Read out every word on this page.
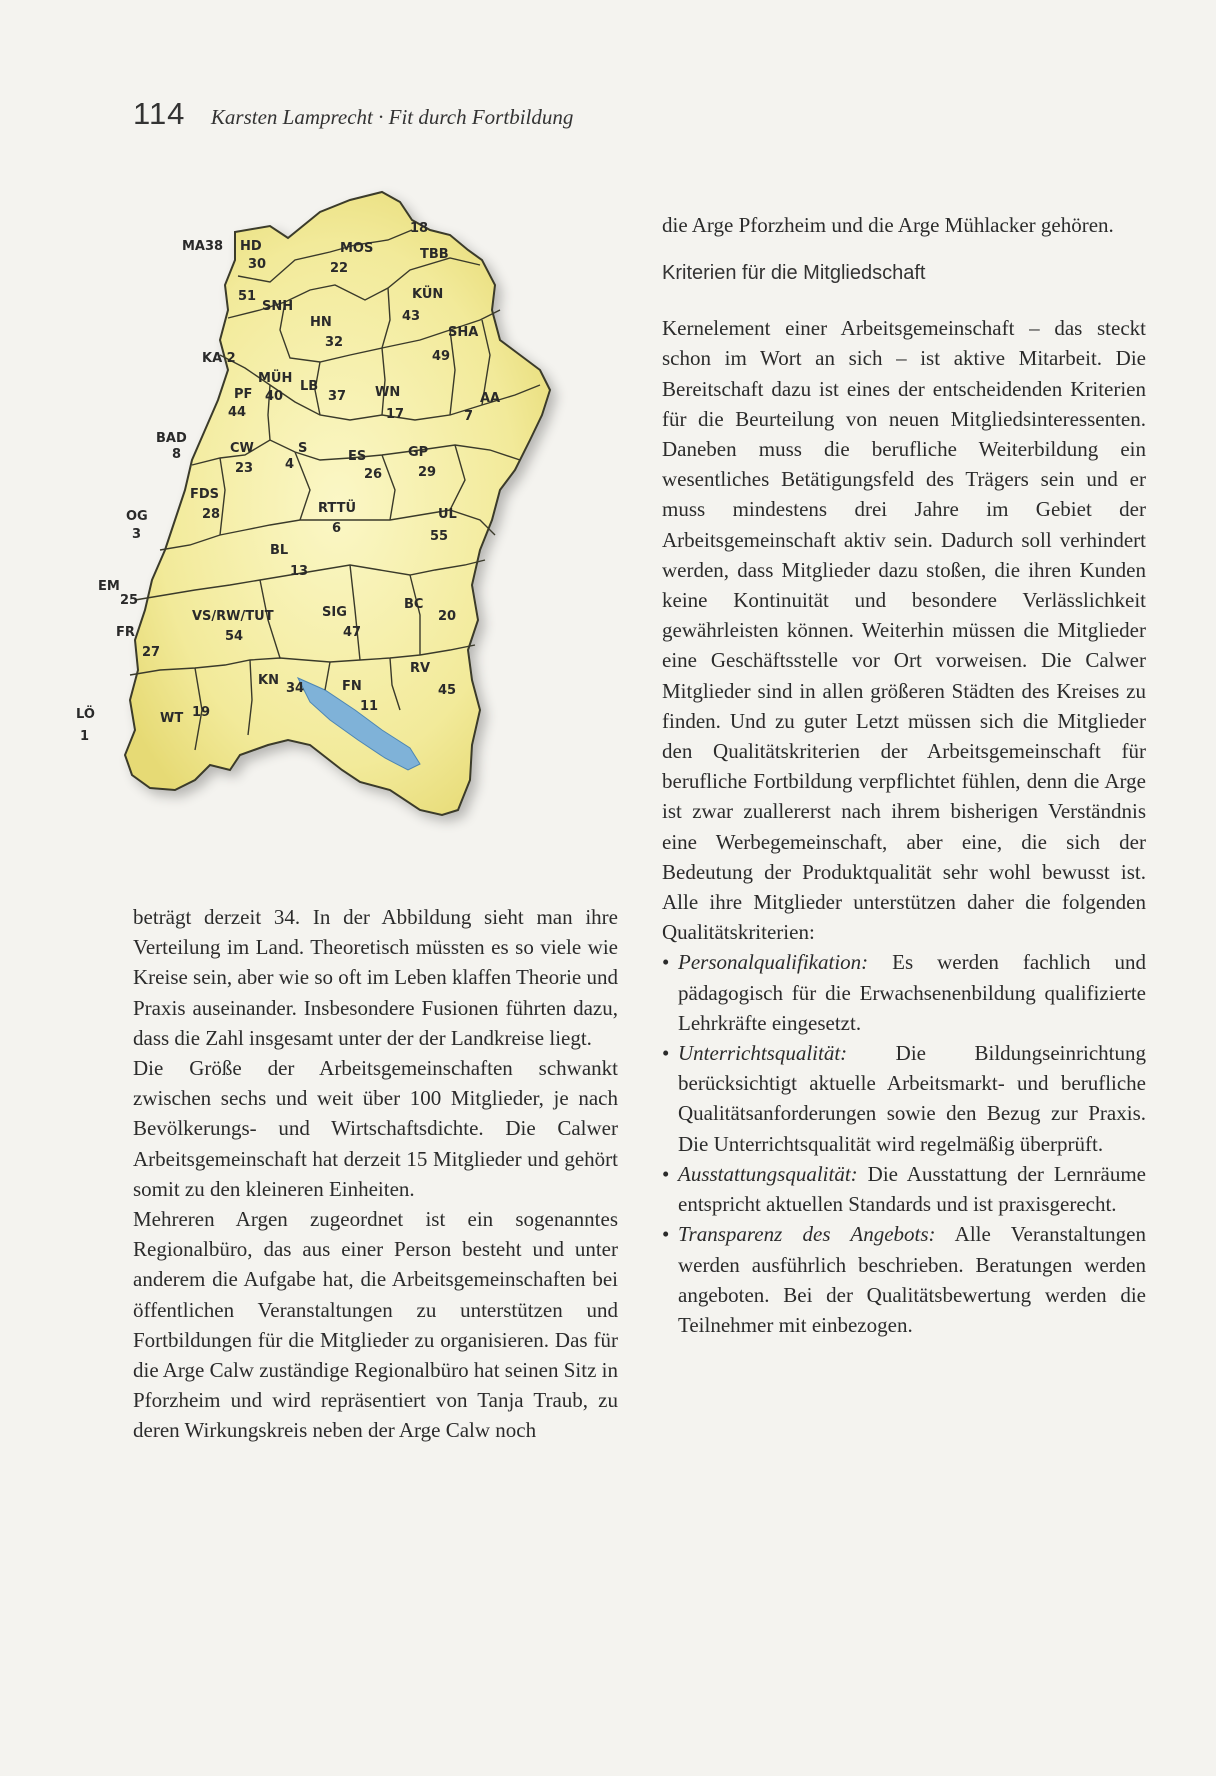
114 Karsten Lamprecht · Fit durch Fortbildung
MA38 HD
30
MOS
22
18
TBB
51
SNH
KÜN
43
HN
32
SHA
49
KA 2
MÜH
40
PF
44
LB
37 WN
17
AA
7
BAD
8	CW
23
S
4
ES
26
GP
29
FDS
28	RTTÜ
6
OG
3
UL
55
BL
13
EM
25
VS/RW/TUT
54
SIG
47
BC
20
FR
27
RV
45
KN
34	FN
11
LÖ
1
WT 19

beträgt derzeit 34. In der Abbildung sieht man ihre Verteilung im Land. Theoretisch müssten es so viele wie Kreise sein, aber wie so oft im Leben klaffen Theorie und Praxis auseinander. Insbesondere Fusionen führten dazu, dass die Zahl insgesamt unter der der Landkreise liegt.

Die Größe der Arbeitsgemeinschaften schwankt zwischen sechs und weit über 100 Mitglieder, je nach Bevölkerungs- und Wirtschaftsdichte. Die Calwer Arbeitsgemeinschaft hat derzeit 15 Mitglieder und gehört somit zu den kleineren Einheiten.

Mehreren Argen zugeordnet ist ein sogenanntes Regionalbüro, das aus einer Person besteht und unter anderem die Aufgabe hat, die Arbeitsgemeinschaften bei öffentlichen Veranstaltungen zu unterstützen und Fortbildungen für die Mitglieder zu organisieren. Das für die Arge Calw zuständige Regionalbüro hat seinen Sitz in Pforzheim und wird repräsentiert von Tanja Traub, zu deren Wirkungskreis neben der Arge Calw noch

die Arge Pforzheim und die Arge Mühlacker gehören.

Kriterien für die Mitgliedschaft

Kernelement einer Arbeitsgemeinschaft – das steckt schon im Wort an sich – ist aktive Mitarbeit. Die Bereitschaft dazu ist eines der entscheidenden Kriterien für die Beurteilung von neuen Mitgliedsinteressenten. Daneben muss die berufliche Weiterbildung ein wesentliches Betätigungsfeld des Trägers sein und er muss mindestens drei Jahre im Gebiet der Arbeitsgemeinschaft aktiv sein. Dadurch soll verhindert werden, dass Mitglieder dazu stoßen, die ihren Kunden keine Kontinuität und besondere Verlässlichkeit gewährleisten können. Weiterhin müssen die Mitglieder eine Geschäftsstelle vor Ort vorweisen. Die Calwer Mitglieder sind in allen größeren Städten des Kreises zu finden. Und zu guter Letzt müssen sich die Mitglieder den Qualitätskriterien der Arbeitsgemeinschaft für berufliche Fortbildung verpflichtet fühlen, denn die Arge ist zwar zuallererst nach ihrem bisherigen Verständnis eine Werbegemeinschaft, aber eine, die sich der Bedeutung der Produktqualität sehr wohl bewusst ist. Alle ihre Mitglieder unterstützen daher die folgenden Qualitätskriterien:

• Personalqualifikation: Es werden fachlich und pädagogisch für die Erwachsenenbildung qualifizierte Lehrkräfte eingesetzt.
• Unterrichtsqualität: Die Bildungseinrichtung berücksichtigt aktuelle Arbeitsmarkt- und berufliche Qualitätsanforderungen sowie den Bezug zur Praxis. Die Unterrichtsqualität wird regelmäßig überprüft.
• Ausstattungsqualität: Die Ausstattung der Lernräume entspricht aktuellen Standards und ist praxisgerecht.
• Transparenz des Angebots: Alle Veranstaltungen werden ausführlich beschrieben. Beratungen werden angeboten. Bei der Qualitätsbewertung werden die Teilnehmer mit einbezogen.
